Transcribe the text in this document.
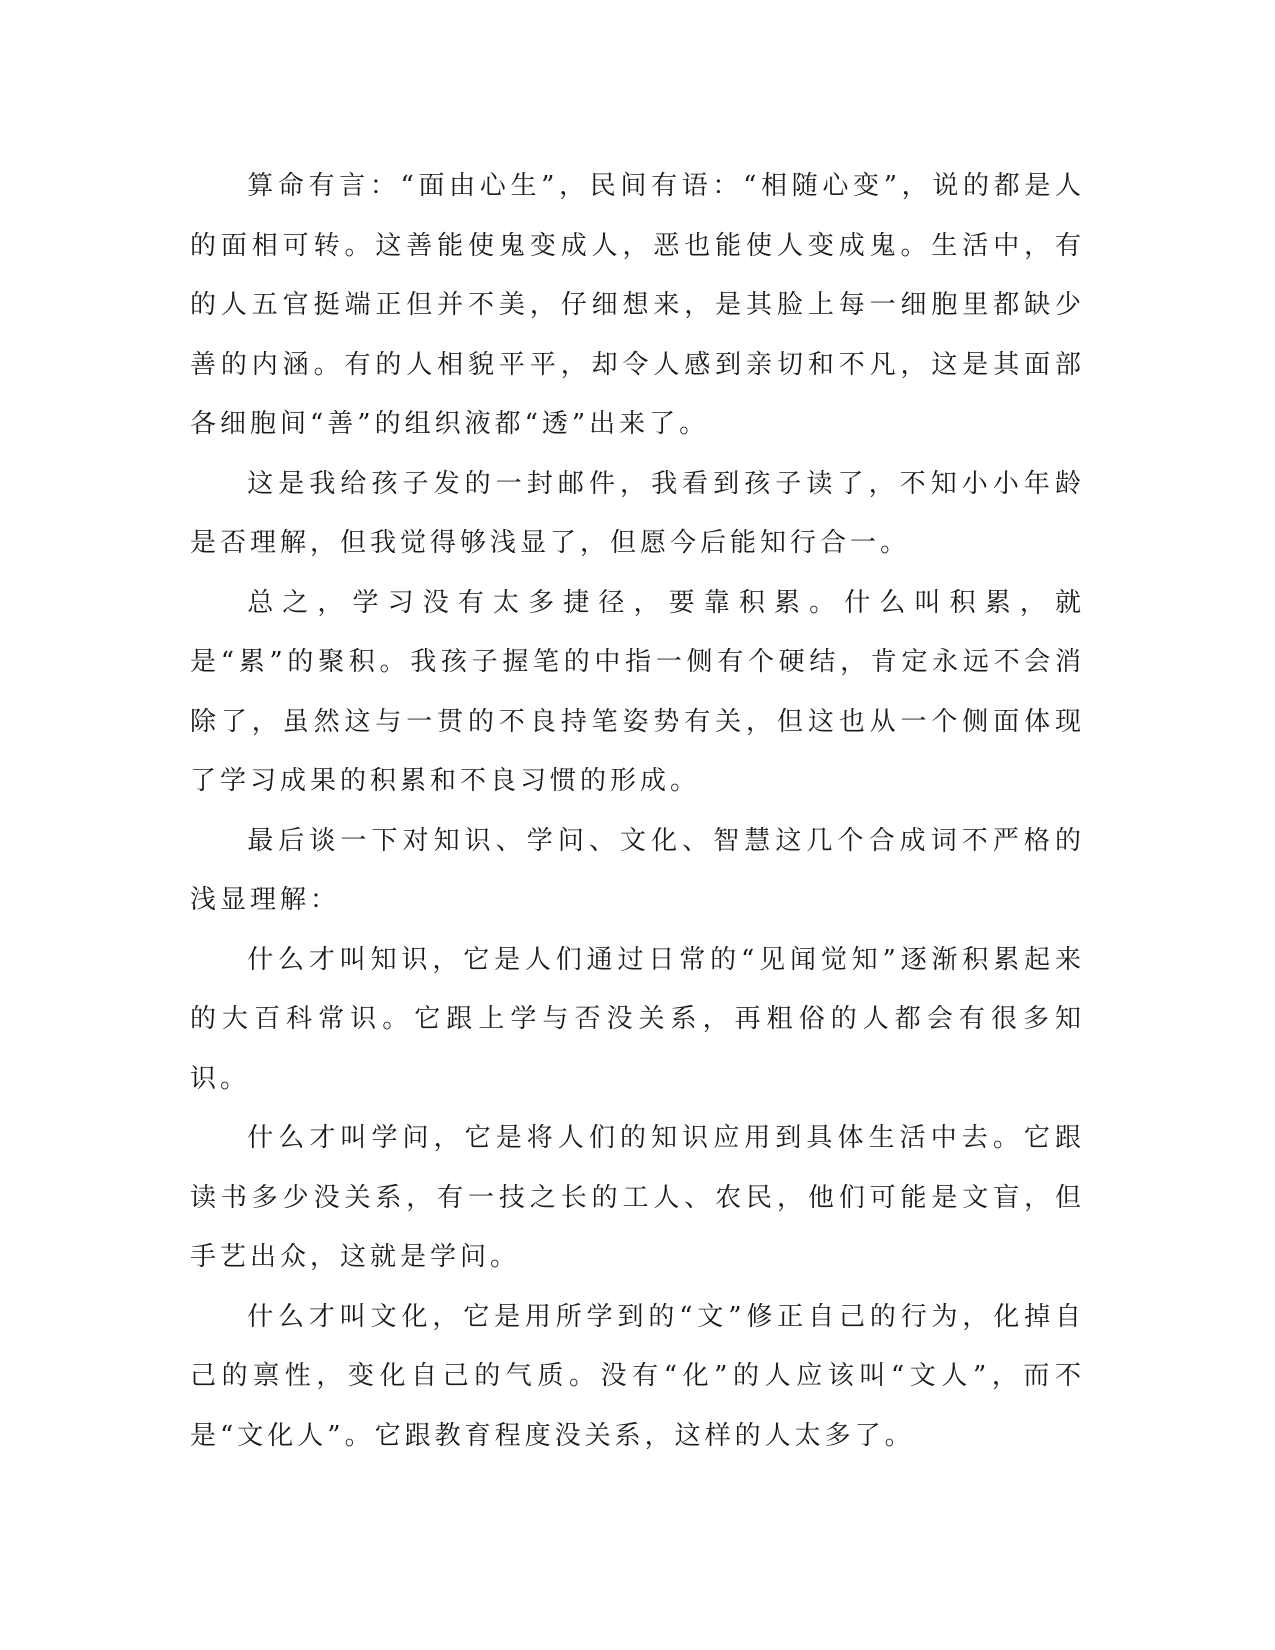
算命有言：“面由心生”，民间有语：“相随心变”，说的都是人的面相可转。这善能使鬼变成人，恶也能使人变成鬼。生活中，有的人五官挺端正但并不美，仔细想来，是其脸上每一细胞里都缺少善的内涵。有的人相貌平平，却令人感到亲切和不凡，这是其面部各细胞间“善”的组织液都“透”出来了。

这是我给孩子发的一封邮件，我看到孩子读了，不知小小年龄是否理解，但我觉得够浅显了，但愿今后能知行合一。

总之，学习没有太多捷径，要靠积累。什么叫积累，就是“累”的聚积。我孩子握笔的中指一侧有个硬结，肯定永远不会消除了，虽然这与一贯的不良持笔姿势有关，但这也从一个侧面体现了学习成果的积累和不良习惯的形成。

最后谈一下对知识、学问、文化、智慧这几个合成词不严格的浅显理解：

什么才叫知识，它是人们通过日常的“见闻觉知”逐渐积累起来的大百科常识。它跟上学与否没关系，再粗俗的人都会有很多知识。

什么才叫学问，它是将人们的知识应用到具体生活中去。它跟读书多少没关系，有一技之长的工人、农民，他们可能是文盲，但手艺出众，这就是学问。

什么才叫文化，它是用所学到的“文”修正自己的行为，化掉自己的禀性，变化自己的气质。没有“化”的人应该叫“文人”，而不是“文化人”。它跟教育程度没关系，这样的人太多了。
